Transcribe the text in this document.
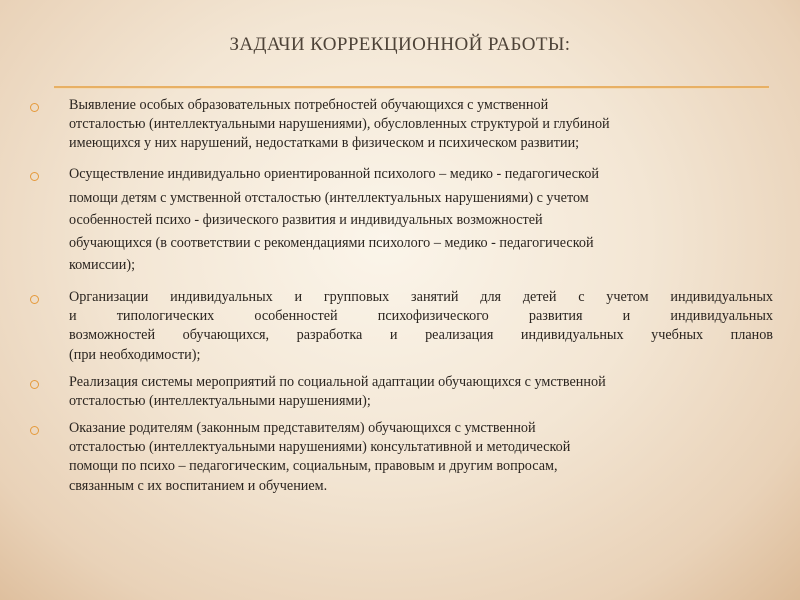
ЗАДАЧИ КОРРЕКЦИОННОЙ РАБОТЫ:
Выявление особых образовательных потребностей обучающихся с умственной
отсталостью (интеллектуальными нарушениями), обусловленных структурой и глубиной
имеющихся у них нарушений, недостатками в физическом и психическом развитии;
Осуществление индивидуально ориентированной психолого – медико - педагогической
помощи детям с умственной отсталостью (интеллектуальных нарушениями) с учетом
особенностей психо - физического развития и индивидуальных возможностей
обучающихся (в соответствии с рекомендациями психолого – медико - педагогической
комиссии);
Организации индивидуальных и групповых занятий для детей с учетом индивидуальных
и типологических особенностей психофизического развития и индивидуальных
возможностей обучающихся, разработка и реализация индивидуальных учебных планов
(при необходимости);
Реализация системы мероприятий по социальной адаптации обучающихся с умственной
отсталостью (интеллектуальными нарушениями);
Оказание родителям (законным представителям) обучающихся с умственной
отсталостью (интеллектуальными нарушениями) консультативной и методической
помощи по психо – педагогическим, социальным, правовым и другим вопросам,
связанным с их воспитанием и обучением.
